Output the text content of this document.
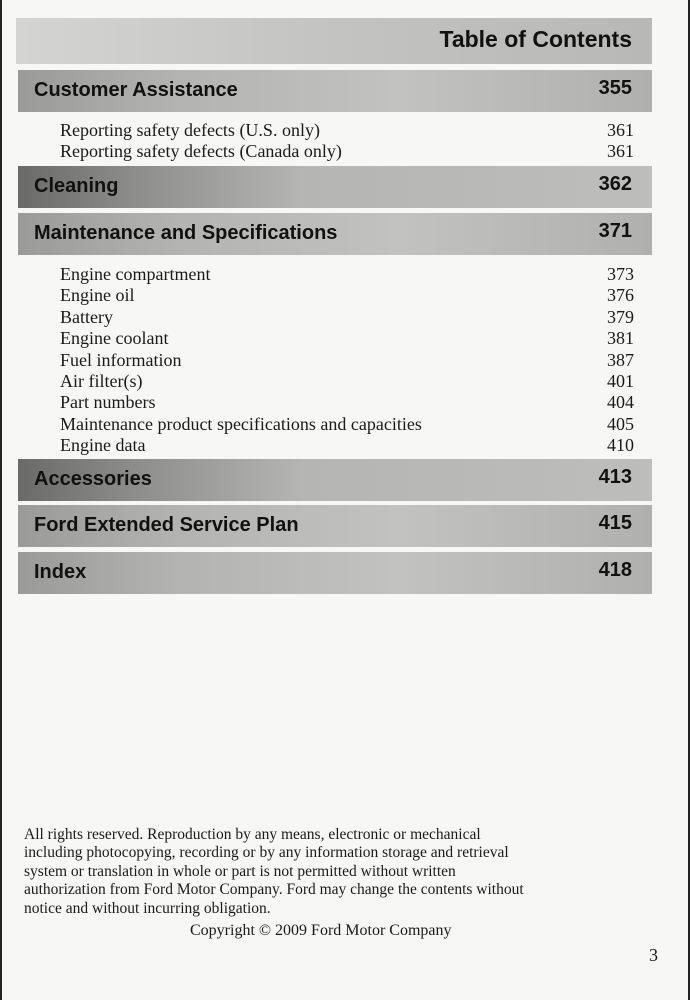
Table of Contents
Customer Assistance	355
Reporting safety defects (U.S. only)	361
Reporting safety defects (Canada only)	361
Cleaning	362
Maintenance and Specifications	371
Engine compartment	373
Engine oil	376
Battery	379
Engine coolant	381
Fuel information	387
Air filter(s)	401
Part numbers	404
Maintenance product specifications and capacities	405
Engine data	410
Accessories	413
Ford Extended Service Plan	415
Index	418
All rights reserved. Reproduction by any means, electronic or mechanical
including photocopying, recording or by any information storage and retrieval
system or translation in whole or part is not permitted without written
authorization from Ford Motor Company. Ford may change the contents without
notice and without incurring obligation.
Copyright © 2009 Ford Motor Company
3
